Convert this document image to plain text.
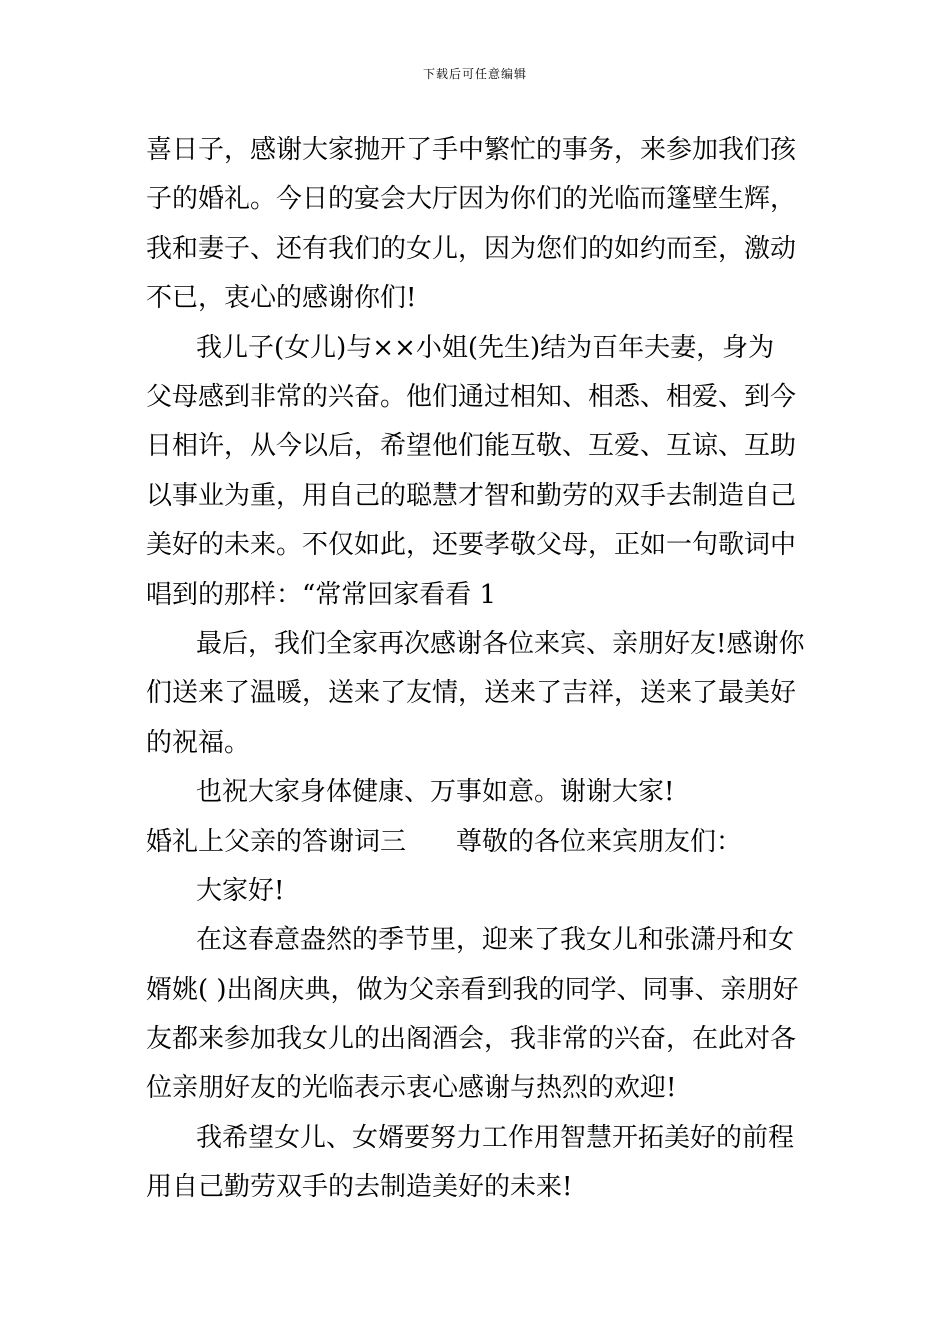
下载后可任意编辑
喜日子，感谢大家抛开了手中繁忙的事务，来参加我们孩
子的婚礼。今日的宴会大厅因为你们的光临而篷壁生辉，
我和妻子、还有我们的女儿，因为您们的如约而至，激动
不已，衷心的感谢你们!
我儿子(女儿)与××小姐(先生)结为百年夫妻，身为
父母感到非常的兴奋。他们通过相知、相悉、相爱、到今
日相许，从今以后，希望他们能互敬、互爱、互谅、互助
以事业为重，用自己的聪慧才智和勤劳的双手去制造自己
美好的未来。不仅如此，还要孝敬父母，正如一句歌词中
唱到的那样：“常常回家看看 1
最后，我们全家再次感谢各位来宾、亲朋好友!感谢你
们送来了温暖，送来了友情，送来了吉祥，送来了最美好
的祝福。
也祝大家身体健康、万事如意。谢谢大家!
婚礼上父亲的答谢词三 尊敬的各位来宾朋友们：
大家好!
在这春意盎然的季节里，迎来了我女儿和张潇丹和女
婿姚( )出阁庆典，做为父亲看到我的同学、同事、亲朋好
友都来参加我女儿的出阁酒会，我非常的兴奋，在此对各
位亲朋好友的光临表示衷心感谢与热烈的欢迎!
我希望女儿、女婿要努力工作用智慧开拓美好的前程
用自己勤劳双手的去制造美好的未来!
